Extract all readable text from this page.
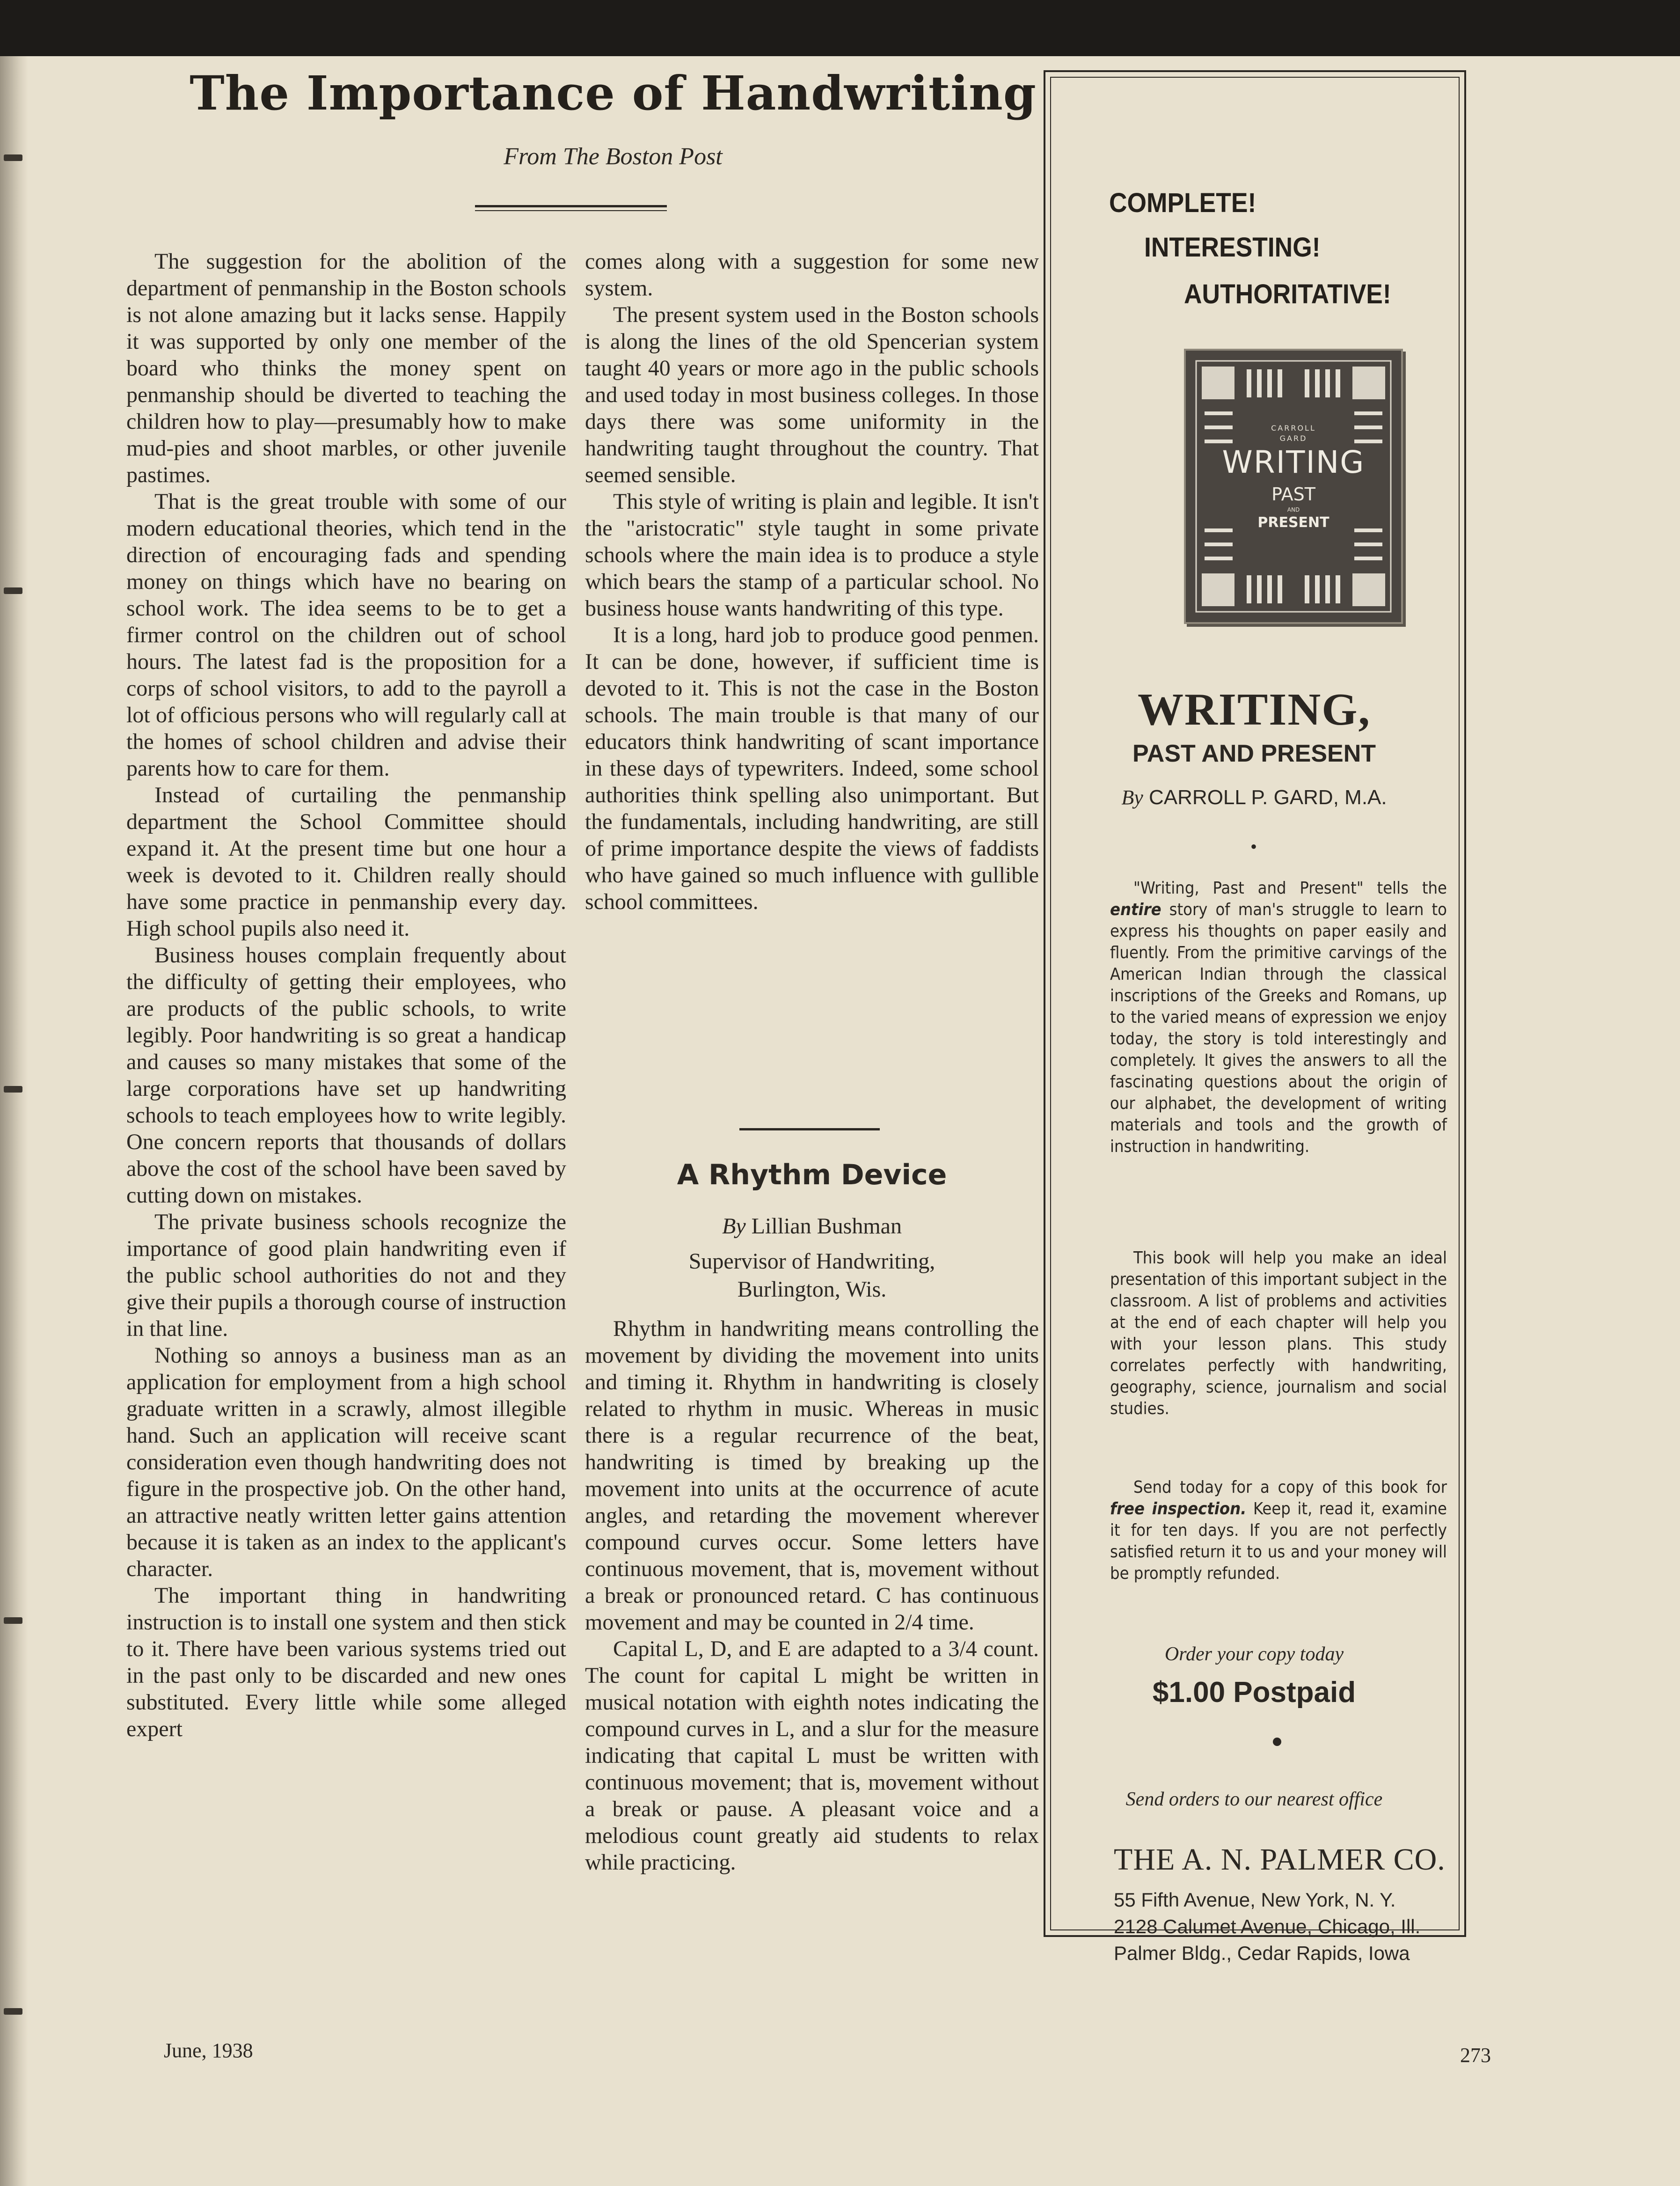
The Importance of Handwriting
From The Boston Post

The suggestion for the abolition of the department of penmanship in the Boston schools is not alone amazing but it lacks sense. Happily it was supported by only one member of the board who thinks the money spent on penmanship should be diverted to teaching the children how to play—presumably how to make mud-pies and shoot marbles, or other juvenile pastimes.

That is the great trouble with some of our modern educational theories, which tend in the direction of encouraging fads and spending money on things which have no bearing on school work. The idea seems to be to get a firmer control on the children out of school hours. The latest fad is the proposition for a corps of school visitors, to add to the payroll a lot of officious persons who will regularly call at the homes of school children and advise their parents how to care for them.

Instead of curtailing the penmanship department the School Committee should expand it. At the present time but one hour a week is devoted to it. Children really should have some practice in penmanship every day. High school pupils also need it.

Business houses complain frequently about the difficulty of getting their employees, who are products of the public schools, to write legibly. Poor handwriting is so great a handicap and causes so many mistakes that some of the large corporations have set up handwriting schools to teach employees how to write legibly. One concern reports that thousands of dollars above the cost of the school have been saved by cutting down on mistakes.

The private business schools recognize the importance of good plain handwriting even if the public school authorities do not and they give their pupils a thorough course of instruction in that line.

Nothing so annoys a business man as an application for employment from a high school graduate written in a scrawly, almost illegible hand. Such an application will receive scant consideration even though handwriting does not figure in the prospective job. On the other hand, an attractive neatly written letter gains attention because it is taken as an index to the applicant's character.

The important thing in handwriting instruction is to install one system and then stick to it. There have been various systems tried out in the past only to be discarded and new ones substituted. Every little while some alleged expert

comes along with a suggestion for some new system.

The present system used in the Boston schools is along the lines of the old Spencerian system taught 40 years or more ago in the public schools and used today in most business colleges. In those days there was some uniformity in the handwriting taught throughout the country. That seemed sensible.

This style of writing is plain and legible. It isn't the "aristocratic" style taught in some private schools where the main idea is to produce a style which bears the stamp of a particular school. No business house wants handwriting of this type.

It is a long, hard job to produce good penmen. It can be done, however, if sufficient time is devoted to it. This is not the case in the Boston schools. The main trouble is that many of our educators think handwriting of scant importance in these days of typewriters. Indeed, some school authorities think spelling also unimportant. But the fundamentals, including handwriting, are still of prime importance despite the views of faddists who have gained so much influence with gullible school committees.

A Rhythm Device
By Lillian Bushman
Supervisor of Handwriting,
Burlington, Wis.

Rhythm in handwriting means controlling the movement by dividing the movement into units and timing it. Rhythm in handwriting is closely related to rhythm in music. Whereas in music there is a regular recurrence of the beat, handwriting is timed by breaking up the movement into units at the occurrence of acute angles, and retarding the movement wherever compound curves occur. Some letters have continuous movement, that is, movement without a break or pronounced retard. C has continuous movement and may be counted in 2/4 time.

Capital L, D, and E are adapted to a 3/4 count. The count for capital L might be written in musical notation with eighth notes indicating the compound curves in L, and a slur for the measure indicating that capital L must be written with continuous movement; that is, movement without a break or pause. A pleasant voice and a melodious count greatly aid students to relax while practicing.

COMPLETE!
INTERESTING!
AUTHORITATIVE!
CARROLL
GARD
WRITING
PAST
AND
PRESENT
WRITING,
PAST AND PRESENT
By CARROLL P. GARD, M.A.
•

"Writing, Past and Present" tells the entire story of man's struggle to learn to express his thoughts on paper easily and fluently. From the primitive carvings of the American Indian through the classical inscriptions of the Greeks and Romans, up to the varied means of expression we enjoy today, the story is told interestingly and completely. It gives the answers to all the fascinating questions about the origin of our alphabet, the development of writing materials and tools and the growth of instruction in handwriting.

This book will help you make an ideal presentation of this important subject in the classroom. A list of problems and activities at the end of each chapter will help you with your lesson plans. This study correlates perfectly with handwriting, geography, science, journalism and social studies.

Send today for a copy of this book for free inspection. Keep it, read it, examine it for ten days. If you are not perfectly satisfied return it to us and your money will be promptly refunded.

Order your copy today
$1.00 Postpaid
Send orders to our nearest office
THE A. N. PALMER CO.
55 Fifth Avenue, New York, N. Y.
2128 Calumet Avenue, Chicago, Ill.
Palmer Bldg., Cedar Rapids, Iowa
June, 1938	273
